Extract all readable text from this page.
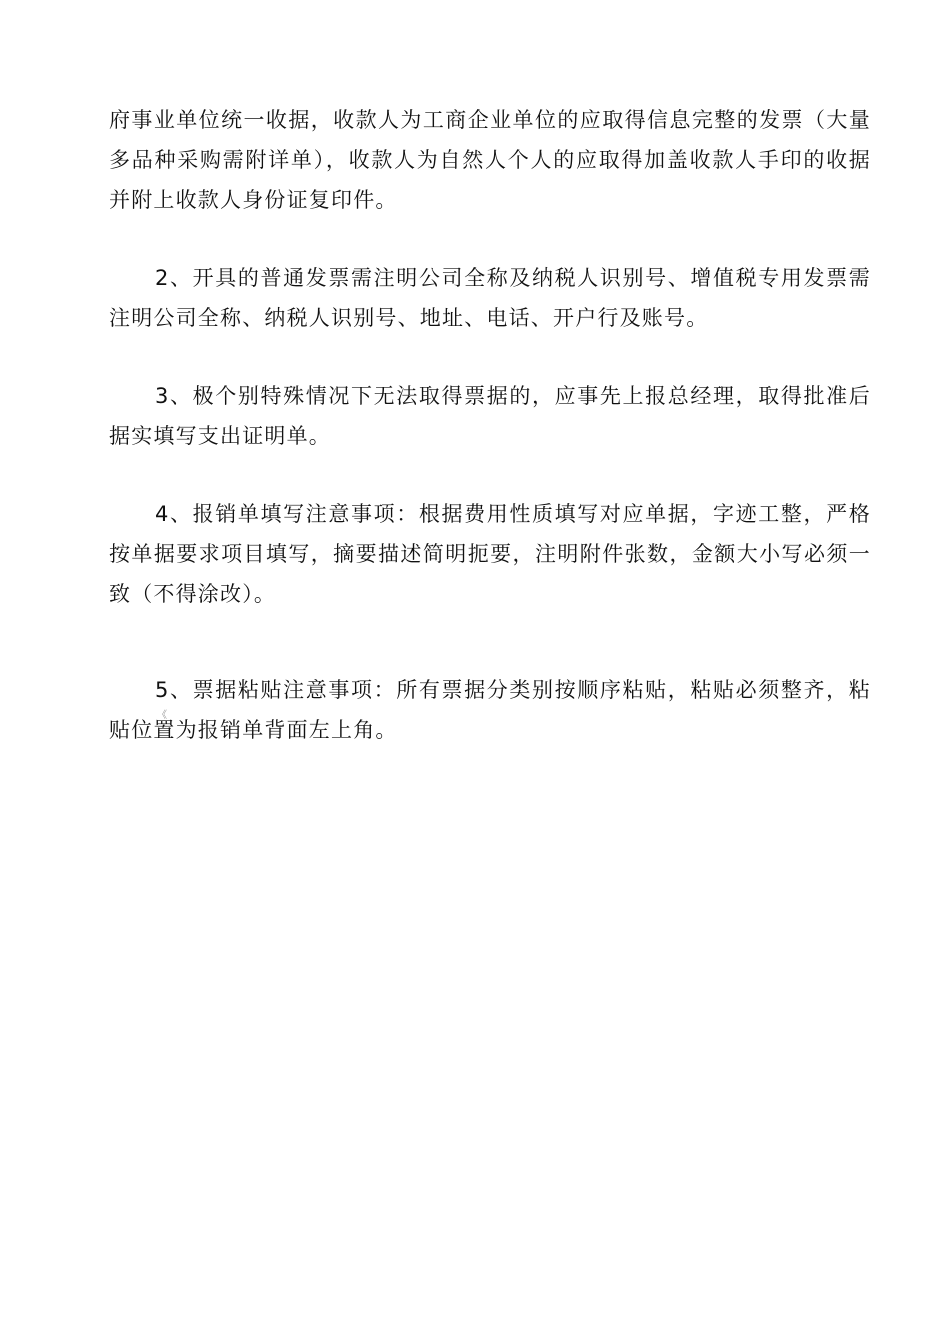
府事业单位统一收据，收款人为工商企业单位的应取得信息完整的发票（大量多品种采购需附详单），收款人为自然人个人的应取得加盖收款人手印的收据并附上收款人身份证复印件。

2、开具的普通发票需注明公司全称及纳税人识别号、增值税专用发票需注明公司全称、纳税人识别号、地址、电话、开户行及账号。

3、极个别特殊情况下无法取得票据的，应事先上报总经理，取得批准后据实填写支出证明单。

4、报销单填写注意事项：根据费用性质填写对应单据，字迹工整，严格按单据要求项目填写，摘要描述简明扼要，注明附件张数，金额大小写必须一致（不得涂改）。

5、票据粘贴注意事项：所有票据分类别按顺序粘贴，粘贴必须整齐，粘贴位置为报销单背面左上角。

《
